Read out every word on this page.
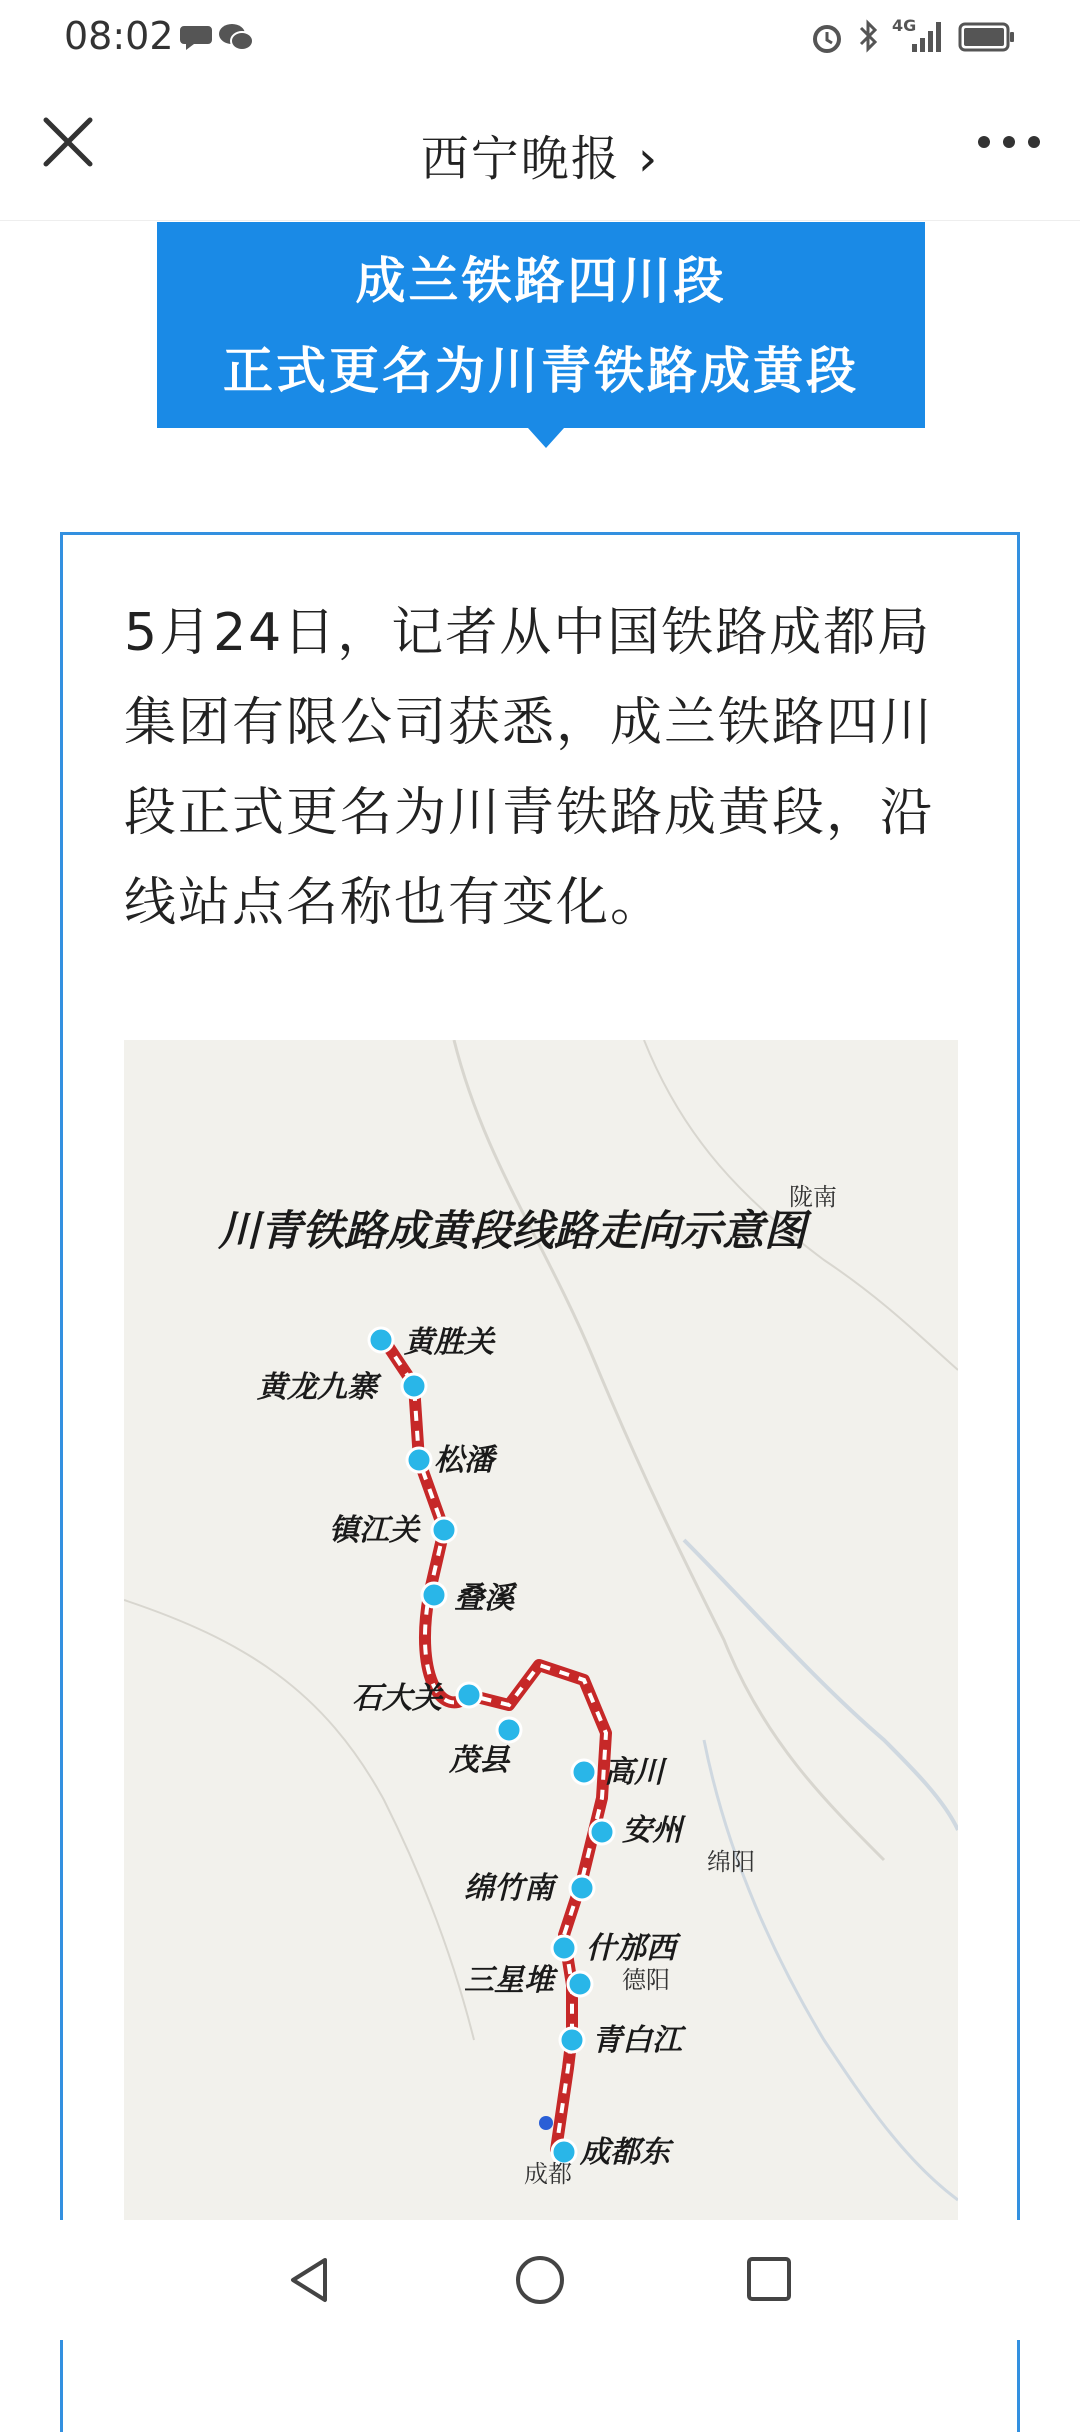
08:02	4G
西宁晚报 ›
成兰铁路四川段
正式更名为川青铁路成黄段
5月24日，记者从中国铁路成都局集团有限公司获悉，成兰铁路四川段正式更名为川青铁路成黄段，沿线站点名称也有变化。
川青铁路成黄段线路走向示意图
黄胜关
黄龙九寨
松潘
镇江关
叠溪
石大关
茂县	高川
安州
绵竹南
什邡西
三星堆
青白江
成都东
陇南
绵阳
德阳
成都
